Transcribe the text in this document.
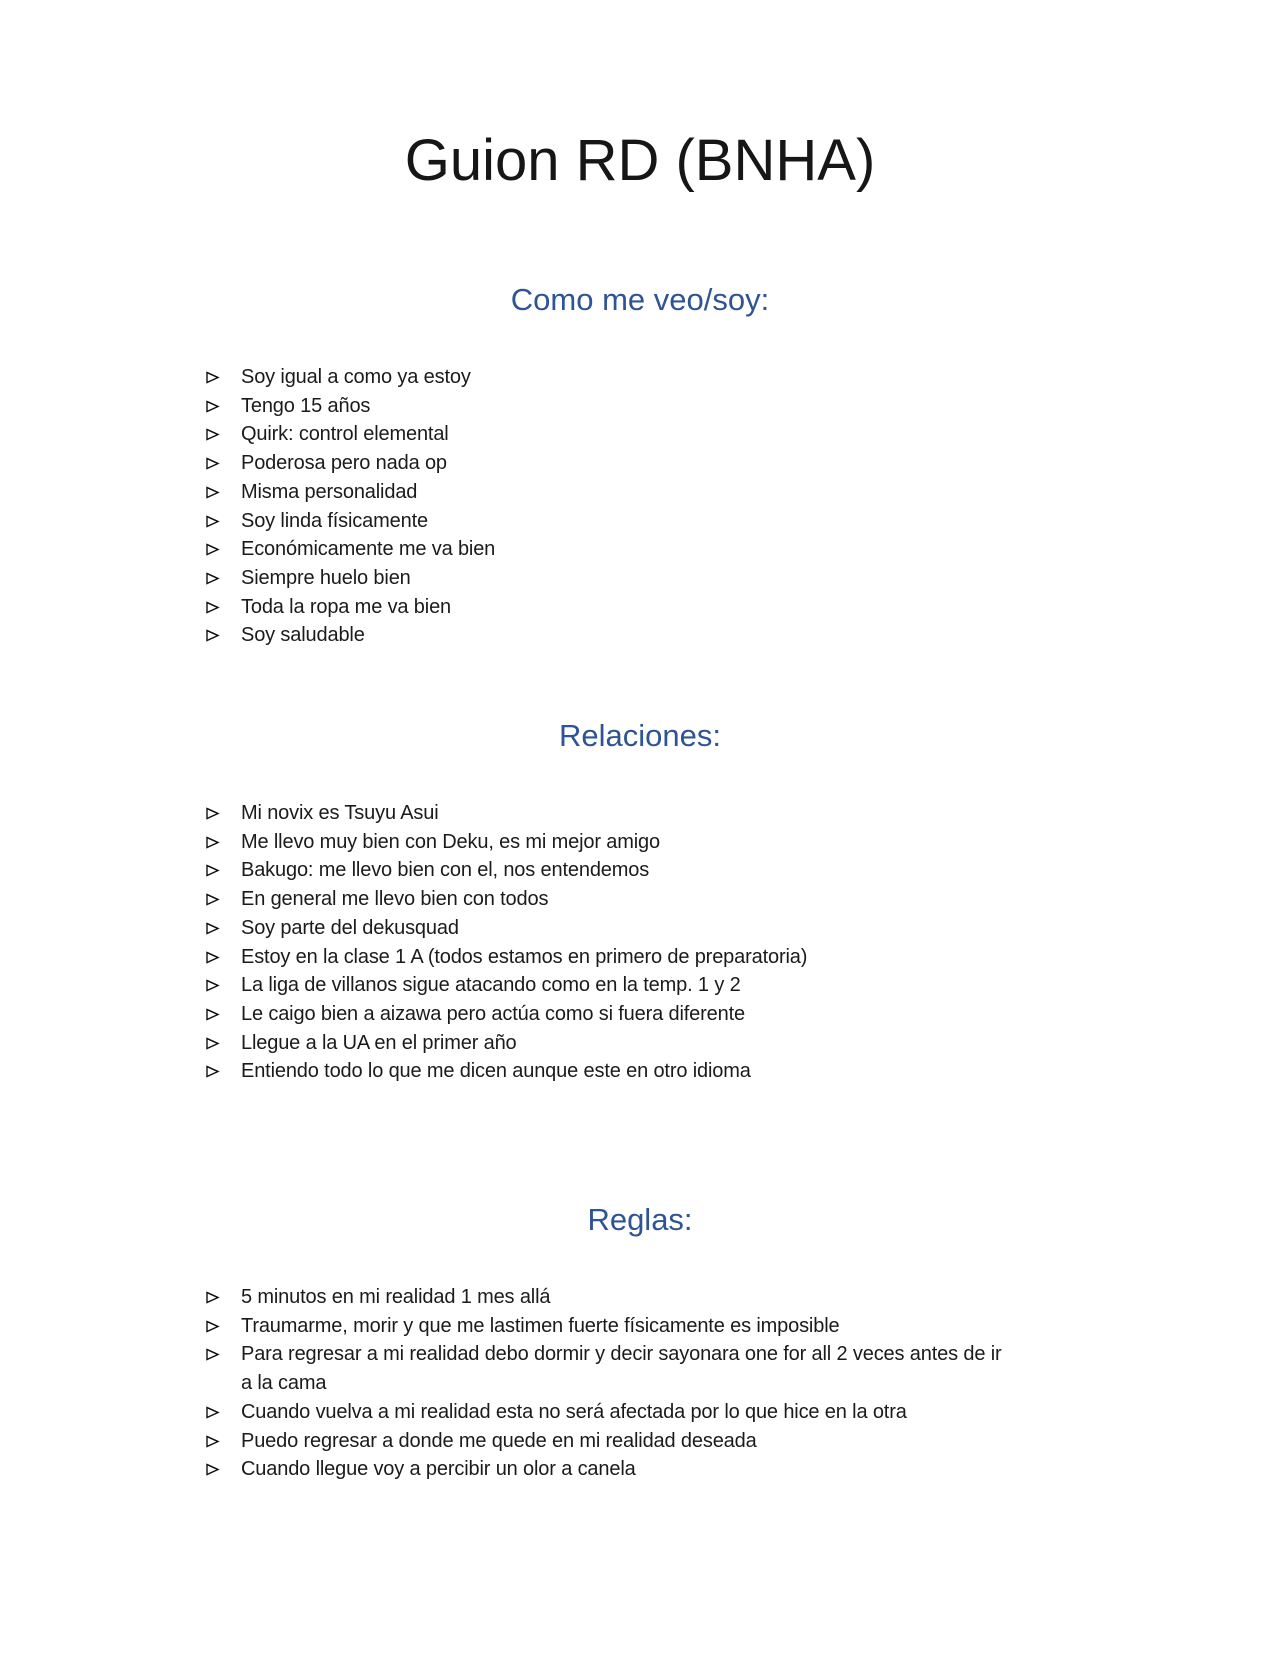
Guion RD (BNHA)
Como me veo/soy:
Soy igual a como ya estoy
Tengo 15 años
Quirk: control elemental
Poderosa pero nada op
Misma personalidad
Soy linda físicamente
Económicamente me va bien
Siempre huelo bien
Toda la ropa me va bien
Soy saludable
Relaciones:
Mi novix es Tsuyu Asui
Me llevo muy bien con Deku, es mi mejor amigo
Bakugo: me llevo bien con el, nos entendemos
En general me llevo bien con todos
Soy parte del dekusquad
Estoy en la clase 1 A (todos estamos en primero de preparatoria)
La liga de villanos sigue atacando como en la temp. 1 y 2
Le caigo bien a aizawa pero actúa como si fuera diferente
Llegue a la UA en el primer año
Entiendo todo lo que me dicen aunque este en otro idioma
Reglas:
5 minutos en mi realidad 1 mes allá
Traumarme, morir y que me lastimen fuerte físicamente es imposible
Para regresar a mi realidad debo dormir y decir sayonara one for all 2 veces antes de ir a la cama
Cuando vuelva a mi realidad esta no será afectada por lo que hice en la otra
Puedo regresar a donde me quede en mi realidad deseada
Cuando llegue voy a percibir un olor a canela
